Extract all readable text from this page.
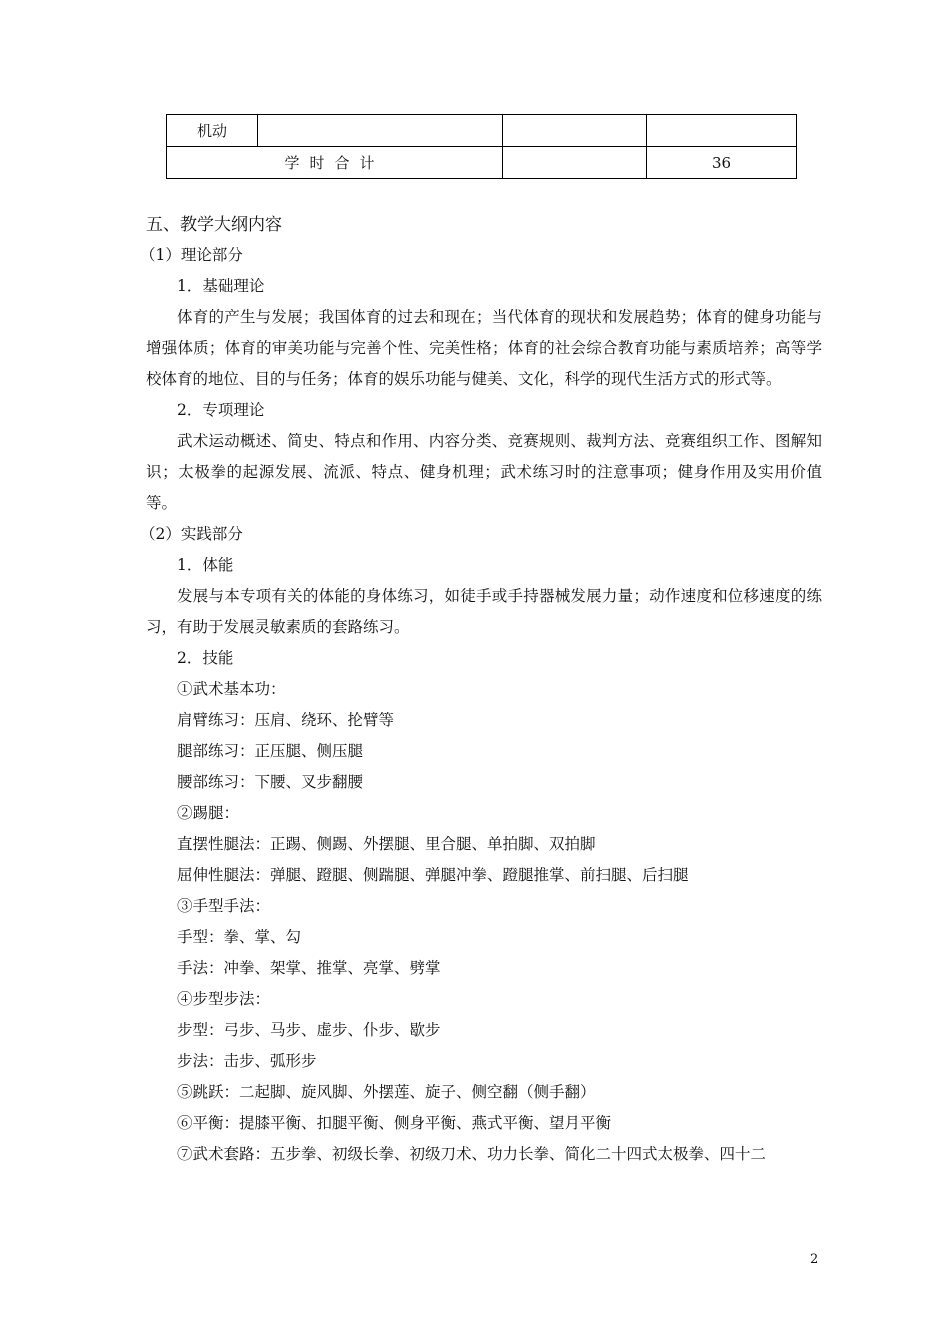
机动			
学时合计			36
五、教学大纲内容
（1）理论部分
1．基础理论

体育的产生与发展；我国体育的过去和现在；当代体育的现状和发展趋势；体育的健身功能与增强体质；体育的审美功能与完善个性、完美性格；体育的社会综合教育功能与素质培养；高等学校体育的地位、目的与任务；体育的娱乐功能与健美、文化，科学的现代生活方式的形式等。

2．专项理论

武术运动概述、简史、特点和作用、内容分类、竞赛规则、裁判方法、竞赛组织工作、图解知识；太极拳的起源发展、流派、特点、健身机理；武术练习时的注意事项；健身作用及实用价值等。

（2）实践部分
1．体能

发展与本专项有关的体能的身体练习，如徒手或手持器械发展力量；动作速度和位移速度的练习，有助于发展灵敏素质的套路练习。

2．技能
①武术基本功：
肩臂练习：压肩、绕环、抡臂等
腿部练习：正压腿、侧压腿
腰部练习：下腰、叉步翻腰
②踢腿：
直摆性腿法：正踢、侧踢、外摆腿、里合腿、单拍脚、双拍脚
屈伸性腿法：弹腿、蹬腿、侧踹腿、弹腿冲拳、蹬腿推掌、前扫腿、后扫腿
③手型手法：
手型：拳、掌、勾
手法：冲拳、架掌、推掌、亮掌、劈掌
④步型步法：
步型：弓步、马步、虚步、仆步、歇步
步法：击步、弧形步
⑤跳跃：二起脚、旋风脚、外摆莲、旋子、侧空翻（侧手翻）
⑥平衡：提膝平衡、扣腿平衡、侧身平衡、燕式平衡、望月平衡
⑦武术套路：五步拳、初级长拳、初级刀术、功力长拳、简化二十四式太极拳、四十二
2
